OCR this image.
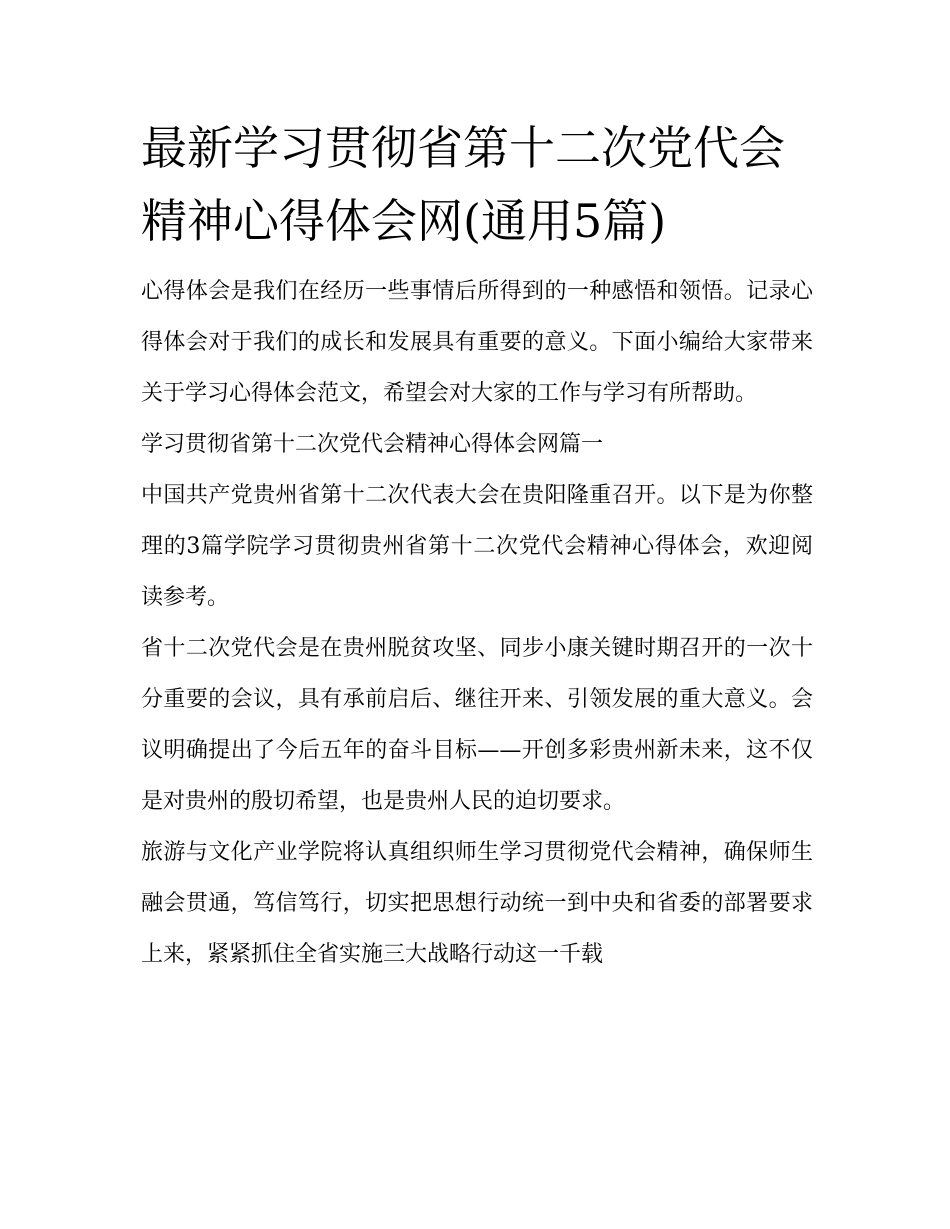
最新学习贯彻省第十二次党代会精神心得体会网(通用5篇)

心得体会是我们在经历一些事情后所得到的一种感悟和领悟。记录心得体会对于我们的成长和发展具有重要的意义。下面小编给大家带来关于学习心得体会范文，希望会对大家的工作与学习有所帮助。

学习贯彻省第十二次党代会精神心得体会网篇一

中国共产党贵州省第十二次代表大会在贵阳隆重召开。以下是为你整理的3篇学院学习贯彻贵州省第十二次党代会精神心得体会，欢迎阅读参考。

省十二次党代会是在贵州脱贫攻坚、同步小康关键时期召开的一次十分重要的会议，具有承前启后、继往开来、引领发展的重大意义。会议明确提出了今后五年的奋斗目标——开创多彩贵州新未来，这不仅是对贵州的殷切希望，也是贵州人民的迫切要求。

旅游与文化产业学院将认真组织师生学习贯彻党代会精神，确保师生融会贯通，笃信笃行，切实把思想行动统一到中央和省委的部署要求上来，紧紧抓住全省实施三大战略行动这一千载
